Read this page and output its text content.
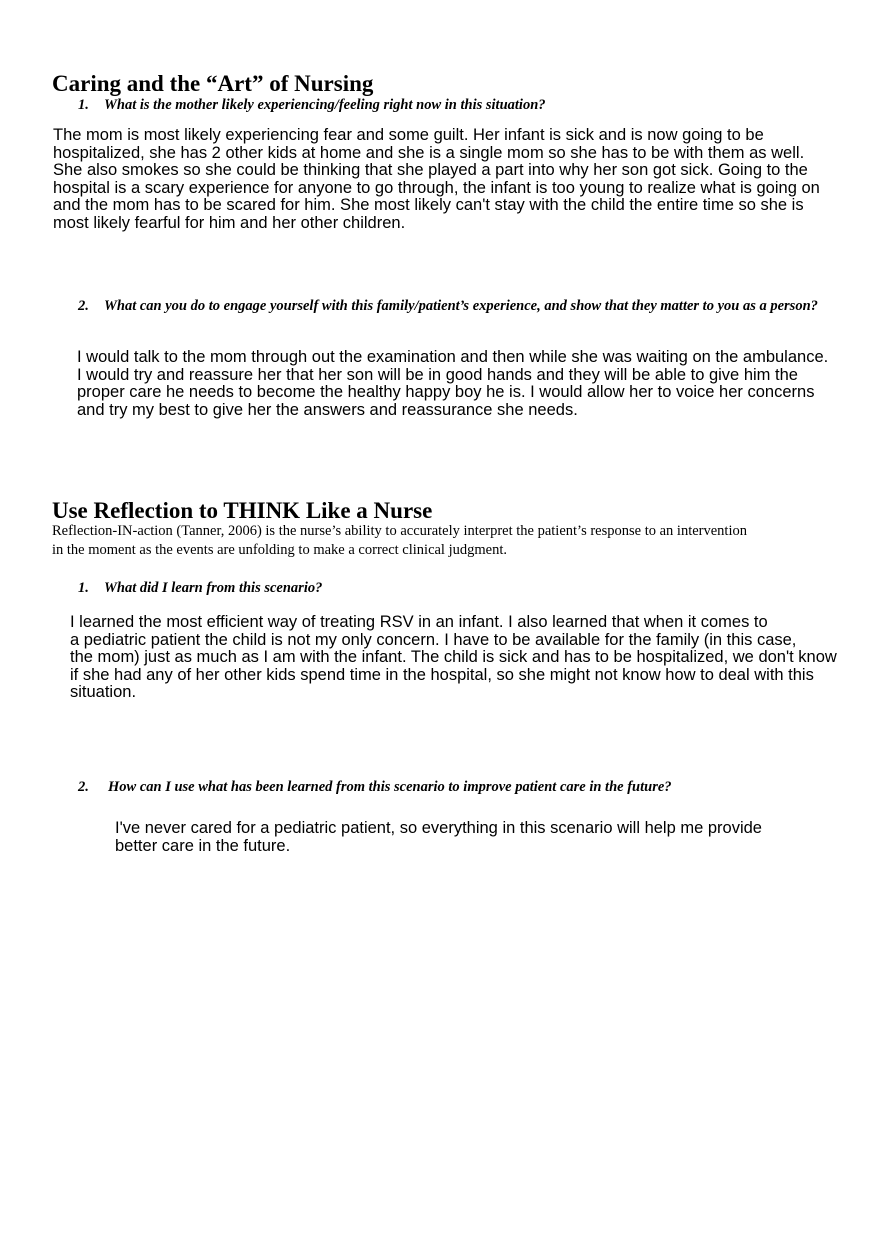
Caring and the “Art” of Nursing
1. What is the mother likely experiencing/feeling right now in this situation?
The mom is most likely experiencing fear and some guilt. Her infant is sick and is now going to be
hospitalized, she has 2 other kids at home and she is a single mom so she has to be with them as well.
She also smokes so she could be thinking that she played a part into why her son got sick. Going to the
hospital is a scary experience for anyone to go through, the infant is too young to realize what is going on
and the mom has to be scared for him. She most likely can't stay with the child the entire time so she is
most likely fearful for him and her other children.
2. What can you do to engage yourself with this family/patient’s experience, and show that they matter to you as a person?
I would talk to the mom through out the examination and then while she was waiting on the ambulance.
I would try and reassure her that her son will be in good hands and they will be able to give him the
proper care he needs to become the healthy happy boy he is. I would allow her to voice her concerns
and try my best to give her the answers and reassurance she needs.
Use Reflection to THINK Like a Nurse
Reflection-IN-action (Tanner, 2006) is the nurse’s ability to accurately interpret the patient’s response to an intervention
in the moment as the events are unfolding to make a correct clinical judgment.
1. What did I learn from this scenario?
I learned the most efficient way of treating RSV in an infant. I also learned that when it comes to
a pediatric patient the child is not my only concern. I have to be available for the family (in this case,
the mom) just as much as I am with the infant. The child is sick and has to be hospitalized, we don't know
if she had any of her other kids spend time in the hospital, so she might not know how to deal with this
situation.
2. How can I use what has been learned from this scenario to improve patient care in the future?
I've never cared for a pediatric patient, so everything in this scenario will help me provide
better care in the future.
